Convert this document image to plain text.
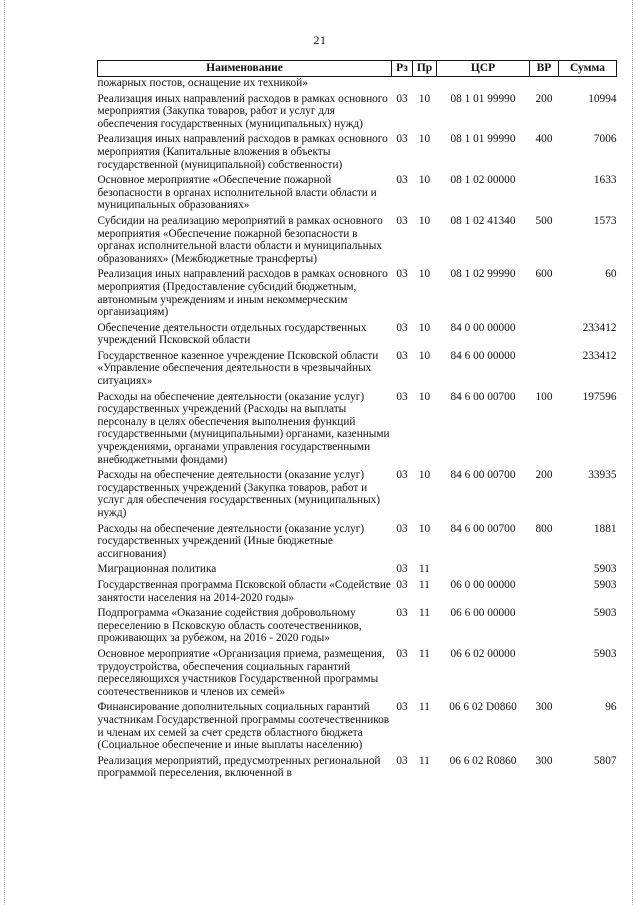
21
Наименование	Рз	Пр	ЦСР	ВР	Сумма
пожарных постов, оснащение их техникой»					
Реализация иных направлений расходов в рамках основного мероприятия (Закупка товаров, работ и услуг для обеспечения государственных (муниципальных) нужд)	03	10	08 1 01 99990	200	10994
Реализация иных направлений расходов в рамках основного мероприятия (Капитальные вложения в объекты государственной (муниципальной) собственности)	03	10	08 1 01 99990	400	7006
Основное мероприятие «Обеспечение пожарной безопасности в органах исполнительной власти области и муниципальных образованиях»	03	10	08 1 02 00000		1633
Субсидии на реализацию мероприятий в рамках основного мероприятия «Обеспечение пожарной безопасности в органах исполнительной власти области и муниципальных образованиях» (Межбюджетные трансферты)	03	10	08 1 02 41340	500	1573
Реализация иных направлений расходов в рамках основного мероприятия (Предоставление субсидий бюджетным, автономным учреждениям и иным некоммерческим организациям)	03	10	08 1 02 99990	600	60
Обеспечение деятельности отдельных государственных учреждений Псковской области	03	10	84 0 00 00000		233412
Государственное казенное учреждение Псковской области «Управление обеспечения деятельности в чрезвычайных ситуациях»	03	10	84 6 00 00000		233412
Расходы на обеспечение деятельности (оказание услуг) государственных учреждений (Расходы на выплаты персоналу в целях обеспечения выполнения функций государственными (муниципальными) органами, казенными учреждениями, органами управления государственными внебюджетными фондами)	03	10	84 6 00 00700	100	197596
Расходы на обеспечение деятельности (оказание услуг) государственных учреждений (Закупка товаров, работ и услуг для обеспечения государственных (муниципальных) нужд)	03	10	84 6 00 00700	200	33935
Расходы на обеспечение деятельности (оказание услуг) государственных учреждений (Иные бюджетные ассигнования)	03	10	84 6 00 00700	800	1881
Миграционная политика	03	11			5903
Государственная программа Псковской области «Содействие занятости населения на 2014-2020 годы»	03	11	06 0 00 00000		5903
Подпрограмма «Оказание содействия добровольному переселению в Псковскую область соотечественников, проживающих за рубежом, на 2016 - 2020 годы»	03	11	06 6 00 00000		5903
Основное мероприятие «Организация приема, размещения, трудоустройства, обеспечения социальных гарантий переселяющихся участников Государственной программы соотечественников и членов их семей»	03	11	06 6 02 00000		5903
Финансирование дополнительных социальных гарантий участникам Государственной программы соотечественников и членам их семей за счет средств областного бюджета (Социальное обеспечение и иные выплаты населению)	03	11	06 6 02 D0860	300	96
Реализация мероприятий, предусмотренных региональной программой переселения, включенной в	03	11	06 6 02 R0860	300	5807
